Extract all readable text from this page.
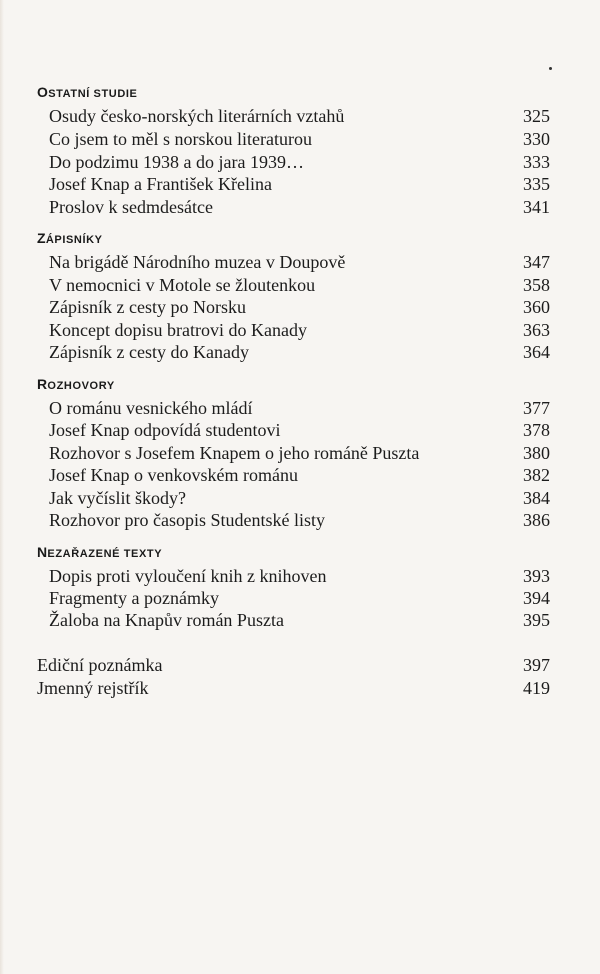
OSTATNÍ STUDIE
Osudy česko-norských literárních vztahů	325
Co jsem to měl s norskou literaturou	330
Do podzimu 1938 a do jara 1939…	333
Josef Knap a František Křelina	335
Proslov k sedmdesátce	341
ZÁPISNÍKY
Na brigádě Národního muzea v Doupově	347
V nemocnici v Motole se žloutenkou	358
Zápisník z cesty po Norsku	360
Koncept dopisu bratrovi do Kanady	363
Zápisník z cesty do Kanady	364
ROZHOVORY
O románu vesnického mládí	377
Josef Knap odpovídá studentovi	378
Rozhovor s Josefem Knapem o jeho románě Puszta	380
Josef Knap o venkovském románu	382
Jak vyčíslit škody?	384
Rozhovor pro časopis Studentské listy	386
NEZAŘAZENÉ TEXTY
Dopis proti vyloučení knih z knihoven	393
Fragmenty a poznámky	394
Žaloba na Knapův román Puszta	395
Ediční poznámka	397
Jmenný rejstřík	419
